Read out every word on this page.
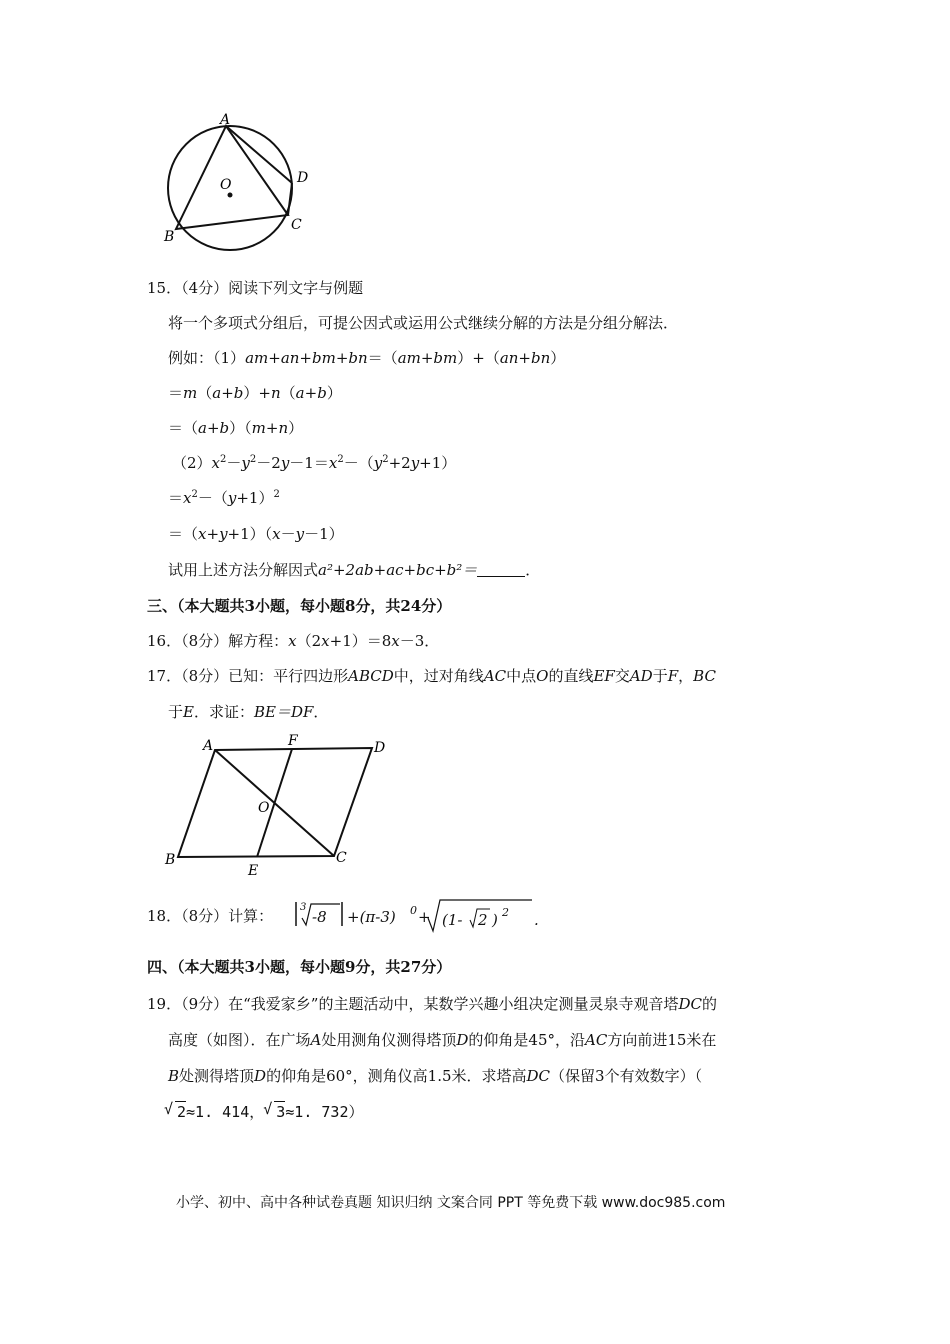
A
O	D
B
C
15．（4分）阅读下列文字与例题
将一个多项式分组后，可提公因式或运用公式继续分解的方法是分组分解法．
例如：（1）am+an+bm+bn＝（am+bm）+（an+bn）
＝m（a+b）+n（a+b）
＝（a+b）（m+n）
$(2)x^2-y^2-2y-1=x^2-(y^2+2y+1)$
$=x^2-(y+1)^2$
＝（x+y+1）（x－y－1）
试用上述方法分解因式a²+2ab+ac+bc+b²＝	．
三、（本大题共3小题，每小题8分，共24分）
16．（8分）解方程：x（2x+1）＝8x－3．
17．（8分）已知：平行四边形ABCD中，过对角线AC中点O的直线EF交AD于F，BC
于E．求证：BE＝DF．
A	F	D
O
B
E
C
18．（8分）计算：	3
-8 +(π-3) 0 + (1- 2 ) 2 .
四、（本大题共3小题，每小题9分，共27分）
19．（9分）在“我爱家乡”的主题活动中，某数学兴趣小组决定测量灵泉寺观音塔DC的
高度（如图）．在广场A处用测角仪测得塔顶D的仰角是45°，沿AC方向前进15米在
B处测得塔顶D的仰角是60°，测角仪高1.5米．求塔高DC（保留3个有效数字）（
√ 2≈1. 414， √ 3≈1. 732）
小学、初中、高中各种试卷真题 知识归纳 文案合同 PPT 等免费下载 www.doc985.com
